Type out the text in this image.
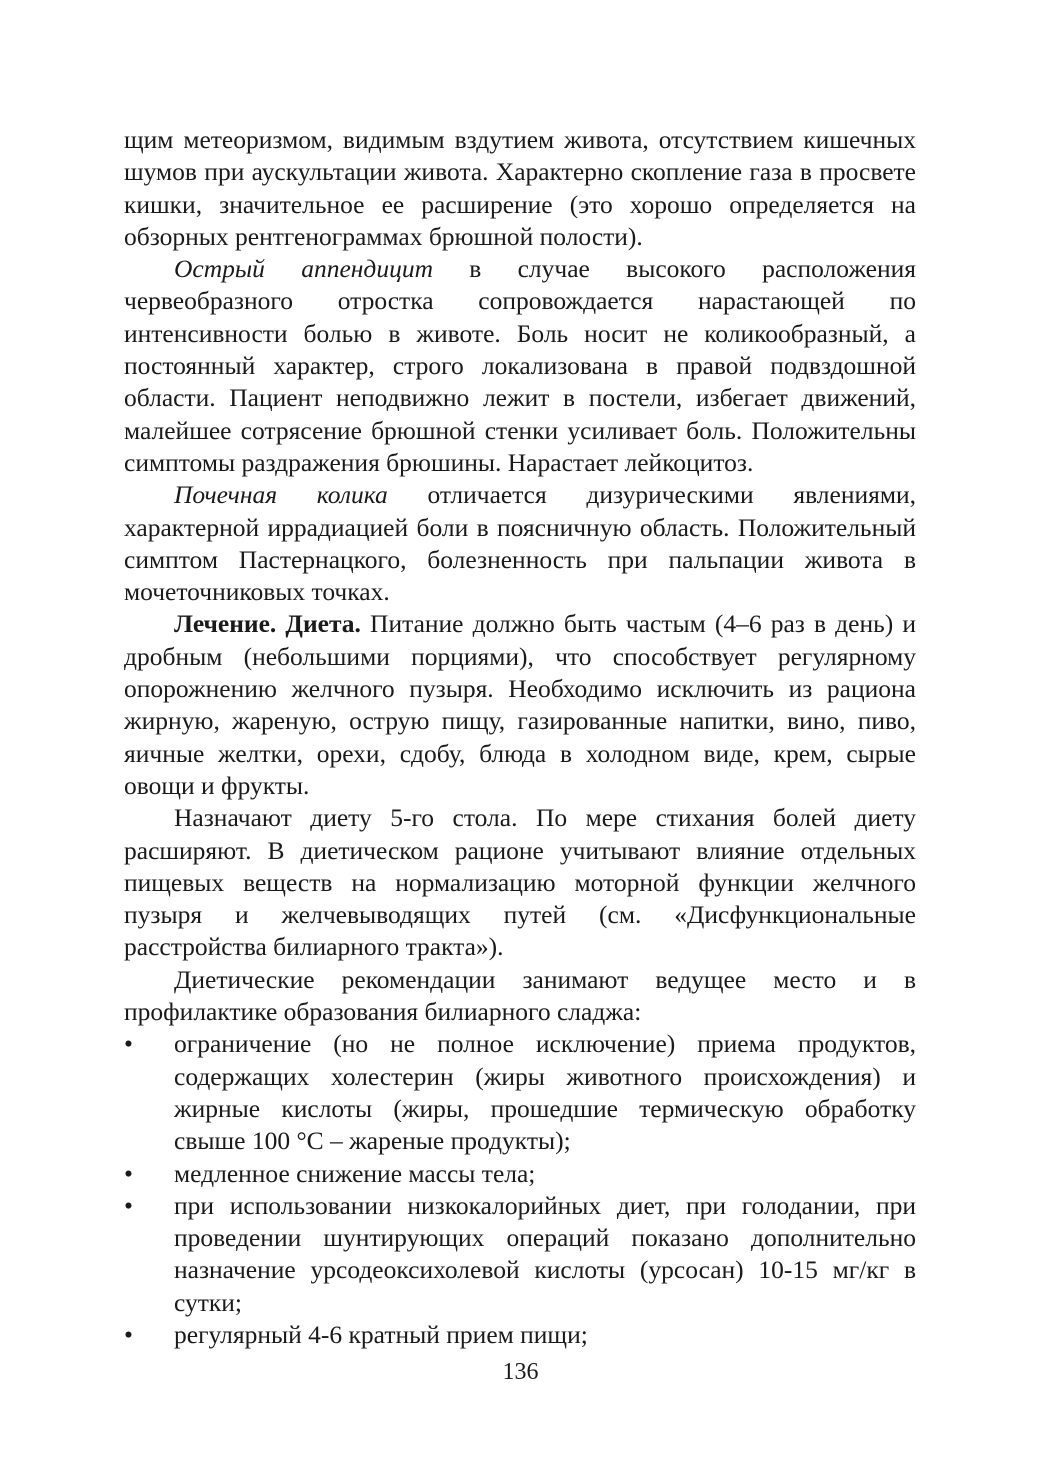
щим метеоризмом, видимым вздутием живота, отсутствием кишечных шумов при аускультации живота. Характерно скопление газа в просвете кишки, значительное ее расширение (это хорошо определяется на обзорных рентгенограммах брюшной полости).

Острый аппендицит в случае высокого расположения червеобразного отростка сопровождается нарастающей по интенсивности болью в животе. Боль носит не коликообразный, а постоянный характер, строго локализована в правой подвздошной области. Пациент неподвижно лежит в постели, избегает движений, малейшее сотрясение брюшной стенки усиливает боль. Положительны симптомы раздражения брюшины. Нарастает лейкоцитоз.

Почечная колика отличается дизурическими явлениями, характерной иррадиацией боли в поясничную область. Положительный симптом Пастернацкого, болезненность при пальпации живота в мочеточниковых точках.

Лечение. Диета. Питание должно быть частым (4–6 раз в день) и дробным (небольшими порциями), что способствует регулярному опорожнению желчного пузыря. Необходимо исключить из рациона жирную, жареную, острую пищу, газированные напитки, вино, пиво, яичные желтки, орехи, сдобу, блюда в холодном виде, крем, сырые овощи и фрукты.

Назначают диету 5-го стола. По мере стихания болей диету расширяют. В диетическом рационе учитывают влияние отдельных пищевых веществ на нормализацию моторной функции желчного пузыря и желчевыводящих путей (см. «Дисфункциональные расстройства билиарного тракта»).

Диетические рекомендации занимают ведущее место и в профилактике образования билиарного сладжа:

•	ограничение (но не полное исключение) приема продуктов, содержащих холестерин (жиры животного происхождения) и жирные кислоты (жиры, прошедшие термическую обработку свыше 100 °С – жареные продукты);
•	медленное снижение массы тела;
•	при использовании низкокалорийных диет, при голодании, при проведении шунтирующих операций показано дополнительно назначение урсодеоксихолевой кислоты (урсосан) 10-15 мг/кг в сутки;
•	регулярный 4-6 кратный прием пищи;
136
